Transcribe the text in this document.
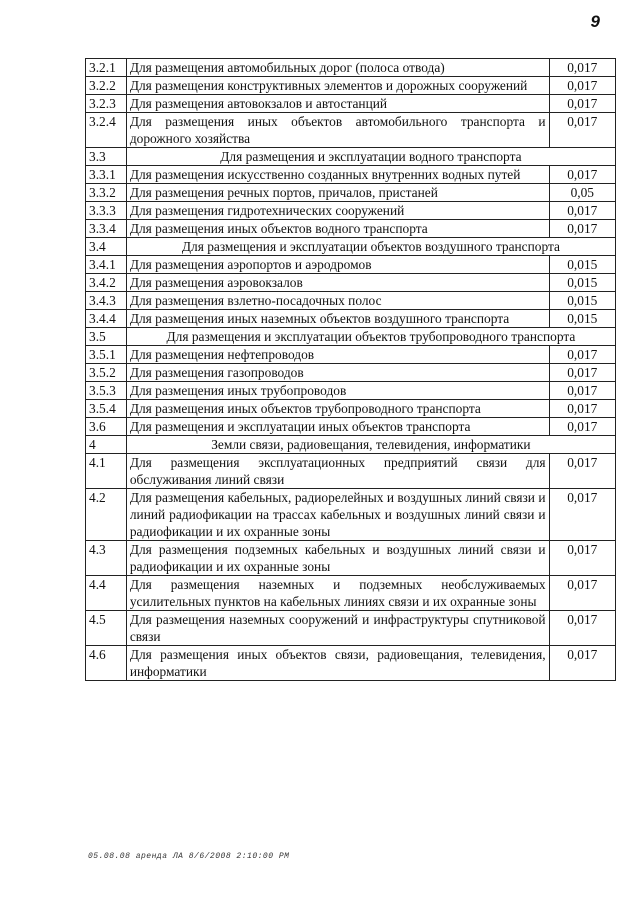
9
3.2.1	Для размещения автомобильных дорог (полоса отвода)	0,017
3.2.2	Для размещения конструктивных элементов и дорожных сооружений	0,017
3.2.3	Для размещения автовокзалов и автостанций	0,017
3.2.4	Для размещения иных объектов автомобильного транспорта и дорожного хозяйства	0,017
3.3	Для размещения и эксплуатации водного транспорта	
3.3.1	Для размещения искусственно созданных внутренних водных путей	0,017
3.3.2	Для размещения речных портов, причалов, пристаней	0,05
3.3.3	Для размещения гидротехнических сооружений	0,017
3.3.4	Для размещения иных объектов водного транспорта	0,017
3.4	Для размещения и эксплуатации объектов воздушного транспорта	
3.4.1	Для размещения аэропортов и аэродромов	0,015
3.4.2	Для размещения аэровокзалов	0,015
3.4.3	Для размещения взлетно-посадочных полос	0,015
3.4.4	Для размещения иных наземных объектов воздушного транспорта	0,015
3.5	Для размещения и эксплуатации объектов трубопроводного транспорта	
3.5.1	Для размещения нефтепроводов	0,017
3.5.2	Для размещения газопроводов	0,017
3.5.3	Для размещения иных трубопроводов	0,017
3.5.4	Для размещения иных объектов трубопроводного транспорта	0,017
3.6	Для размещения и эксплуатации иных объектов транспорта	0,017
4	Земли связи, радиовещания, телевидения, информатики	
4.1	Для размещения эксплуатационных предприятий связи для обслуживания линий связи	0,017
4.2	Для размещения кабельных, радиорелейных и воздушных линий связи и линий радиофикации на трассах кабельных и воздушных линий связи и радиофикации и их охранные зоны	0,017
4.3	Для размещения подземных кабельных и воздушных линий связи и радиофикации и их охранные зоны	0,017
4.4	Для размещения наземных и подземных необслуживаемых усилительных пунктов на кабельных линиях связи и их охранные зоны	0,017
4.5	Для размещения наземных сооружений и инфраструктуры спутниковой связи	0,017
4.6	Для размещения иных объектов связи, радиовещания, телевидения, информатики	0,017
05.08.08 аренда ЛА 8/6/2008 2:10:00 PM
